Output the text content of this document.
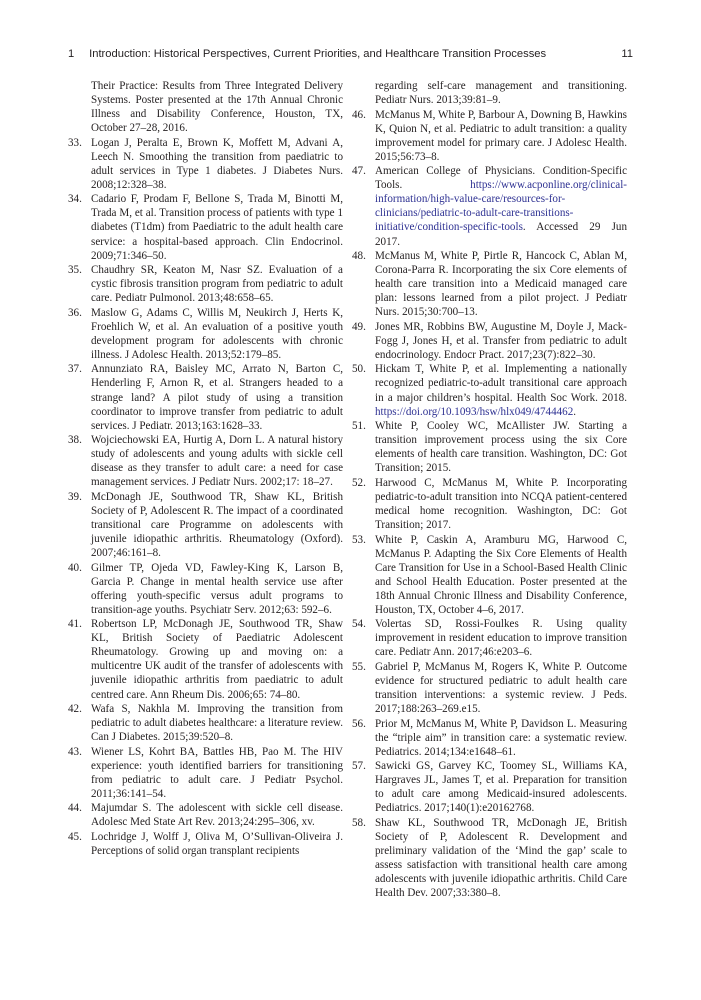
1 Introduction: Historical Perspectives, Current Priorities, and Healthcare Transition Processes	11
Their Practice: Results from Three Integrated Delivery Systems. Poster presented at the 17th Annual Chronic Illness and Disability Conference, Houston, TX, October 27–28, 2016.
33. Logan J, Peralta E, Brown K, Moffett M, Advani A, Leech N. Smoothing the transition from paediatric to adult services in Type 1 diabetes. J Diabetes Nurs. 2008;12:328–38.
34. Cadario F, Prodam F, Bellone S, Trada M, Binotti M, Trada M, et al. Transition process of patients with type 1 diabetes (T1dm) from Paediatric to the adult health care service: a hospital-based approach. Clin Endocrinol. 2009;71:346–50.
35. Chaudhry SR, Keaton M, Nasr SZ. Evaluation of a cystic fibrosis transition program from pediatric to adult care. Pediatr Pulmonol. 2013;48:658–65.
36. Maslow G, Adams C, Willis M, Neukirch J, Herts K, Froehlich W, et al. An evaluation of a positive youth development program for adolescents with chronic illness. J Adolesc Health. 2013;52:179–85.
37. Annunziato RA, Baisley MC, Arrato N, Barton C, Henderling F, Arnon R, et al. Strangers headed to a strange land? A pilot study of using a transition coordinator to improve transfer from pediatric to adult services. J Pediatr. 2013;163:1628–33.
38. Wojciechowski EA, Hurtig A, Dorn L. A natural history study of adolescents and young adults with sickle cell disease as they transfer to adult care: a need for case management services. J Pediatr Nurs. 2002;17: 18–27.
39. McDonagh JE, Southwood TR, Shaw KL, British Society of P, Adolescent R. The impact of a coordinated transitional care Programme on adolescents with juvenile idiopathic arthritis. Rheumatology (Oxford). 2007;46:161–8.
40. Gilmer TP, Ojeda VD, Fawley-King K, Larson B, Garcia P. Change in mental health service use after offering youth-specific versus adult programs to transition-age youths. Psychiatr Serv. 2012;63: 592–6.
41. Robertson LP, McDonagh JE, Southwood TR, Shaw KL, British Society of Paediatric Adolescent Rheumatology. Growing up and moving on: a multicentre UK audit of the transfer of adolescents with juvenile idiopathic arthritis from paediatric to adult centred care. Ann Rheum Dis. 2006;65: 74–80.
42. Wafa S, Nakhla M. Improving the transition from pediatric to adult diabetes healthcare: a literature review. Can J Diabetes. 2015;39:520–8.
43. Wiener LS, Kohrt BA, Battles HB, Pao M. The HIV experience: youth identified barriers for transitioning from pediatric to adult care. J Pediatr Psychol. 2011;36:141–54.
44. Majumdar S. The adolescent with sickle cell disease. Adolesc Med State Art Rev. 2013;24:295–306, xv.
45. Lochridge J, Wolff J, Oliva M, O’Sullivan-Oliveira J. Perceptions of solid organ transplant recipients
regarding self-care management and transitioning. Pediatr Nurs. 2013;39:81–9.
46. McManus M, White P, Barbour A, Downing B, Hawkins K, Quion N, et al. Pediatric to adult transition: a quality improvement model for primary care. J Adolesc Health. 2015;56:73–8.
47. American College of Physicians. Condition-Specific Tools.	https://www.acponline.org/clinical-information/high-value-care/resources-for-clinicians/pediatric-to-adult-care-transitions-initiative/condition-specific-tools. Accessed 29 Jun 2017.
48. McManus M, White P, Pirtle R, Hancock C, Ablan M, Corona-Parra R. Incorporating the six Core elements of health care transition into a Medicaid managed care plan: lessons learned from a pilot project. J Pediatr Nurs. 2015;30:700–13.
49. Jones MR, Robbins BW, Augustine M, Doyle J, Mack-Fogg J, Jones H, et al. Transfer from pediatric to adult endocrinology. Endocr Pract. 2017;23(7):822–30.
50. Hickam T, White P, et al. Implementing a nationally recognized pediatric-to-adult transitional care approach in a major children’s hospital. Health Soc Work. 2018. https://doi.org/10.1093/hsw/hlx049/4744462.
51. White P, Cooley WC, McAllister JW. Starting a transition improvement process using the six Core elements of health care transition. Washington, DC: Got Transition; 2015.
52. Harwood C, McManus M, White P. Incorporating pediatric-to-adult transition into NCQA patient-centered medical home recognition. Washington, DC: Got Transition; 2017.
53. White P, Caskin A, Aramburu MG, Harwood C, McManus P. Adapting the Six Core Elements of Health Care Transition for Use in a School-Based Health Clinic and School Health Education. Poster presented at the 18th Annual Chronic Illness and Disability Conference, Houston, TX, October 4–6, 2017.
54. Volertas SD, Rossi-Foulkes R. Using quality improvement in resident education to improve transition care. Pediatr Ann. 2017;46:e203–6.
55. Gabriel P, McManus M, Rogers K, White P. Outcome evidence for structured pediatric to adult health care transition interventions: a systemic review. J Peds. 2017;188:263–269.e15.
56. Prior M, McManus M, White P, Davidson L. Measuring the “triple aim” in transition care: a systematic review. Pediatrics. 2014;134:e1648–61.
57. Sawicki GS, Garvey KC, Toomey SL, Williams KA, Hargraves JL, James T, et al. Preparation for transition to adult care among Medicaid-insured adolescents. Pediatrics. 2017;140(1):e20162768.
58. Shaw KL, Southwood TR, McDonagh JE, British Society of P, Adolescent R. Development and preliminary validation of the ‘Mind the gap’ scale to assess satisfaction with transitional health care among adolescents with juvenile idiopathic arthritis. Child Care Health Dev. 2007;33:380–8.
